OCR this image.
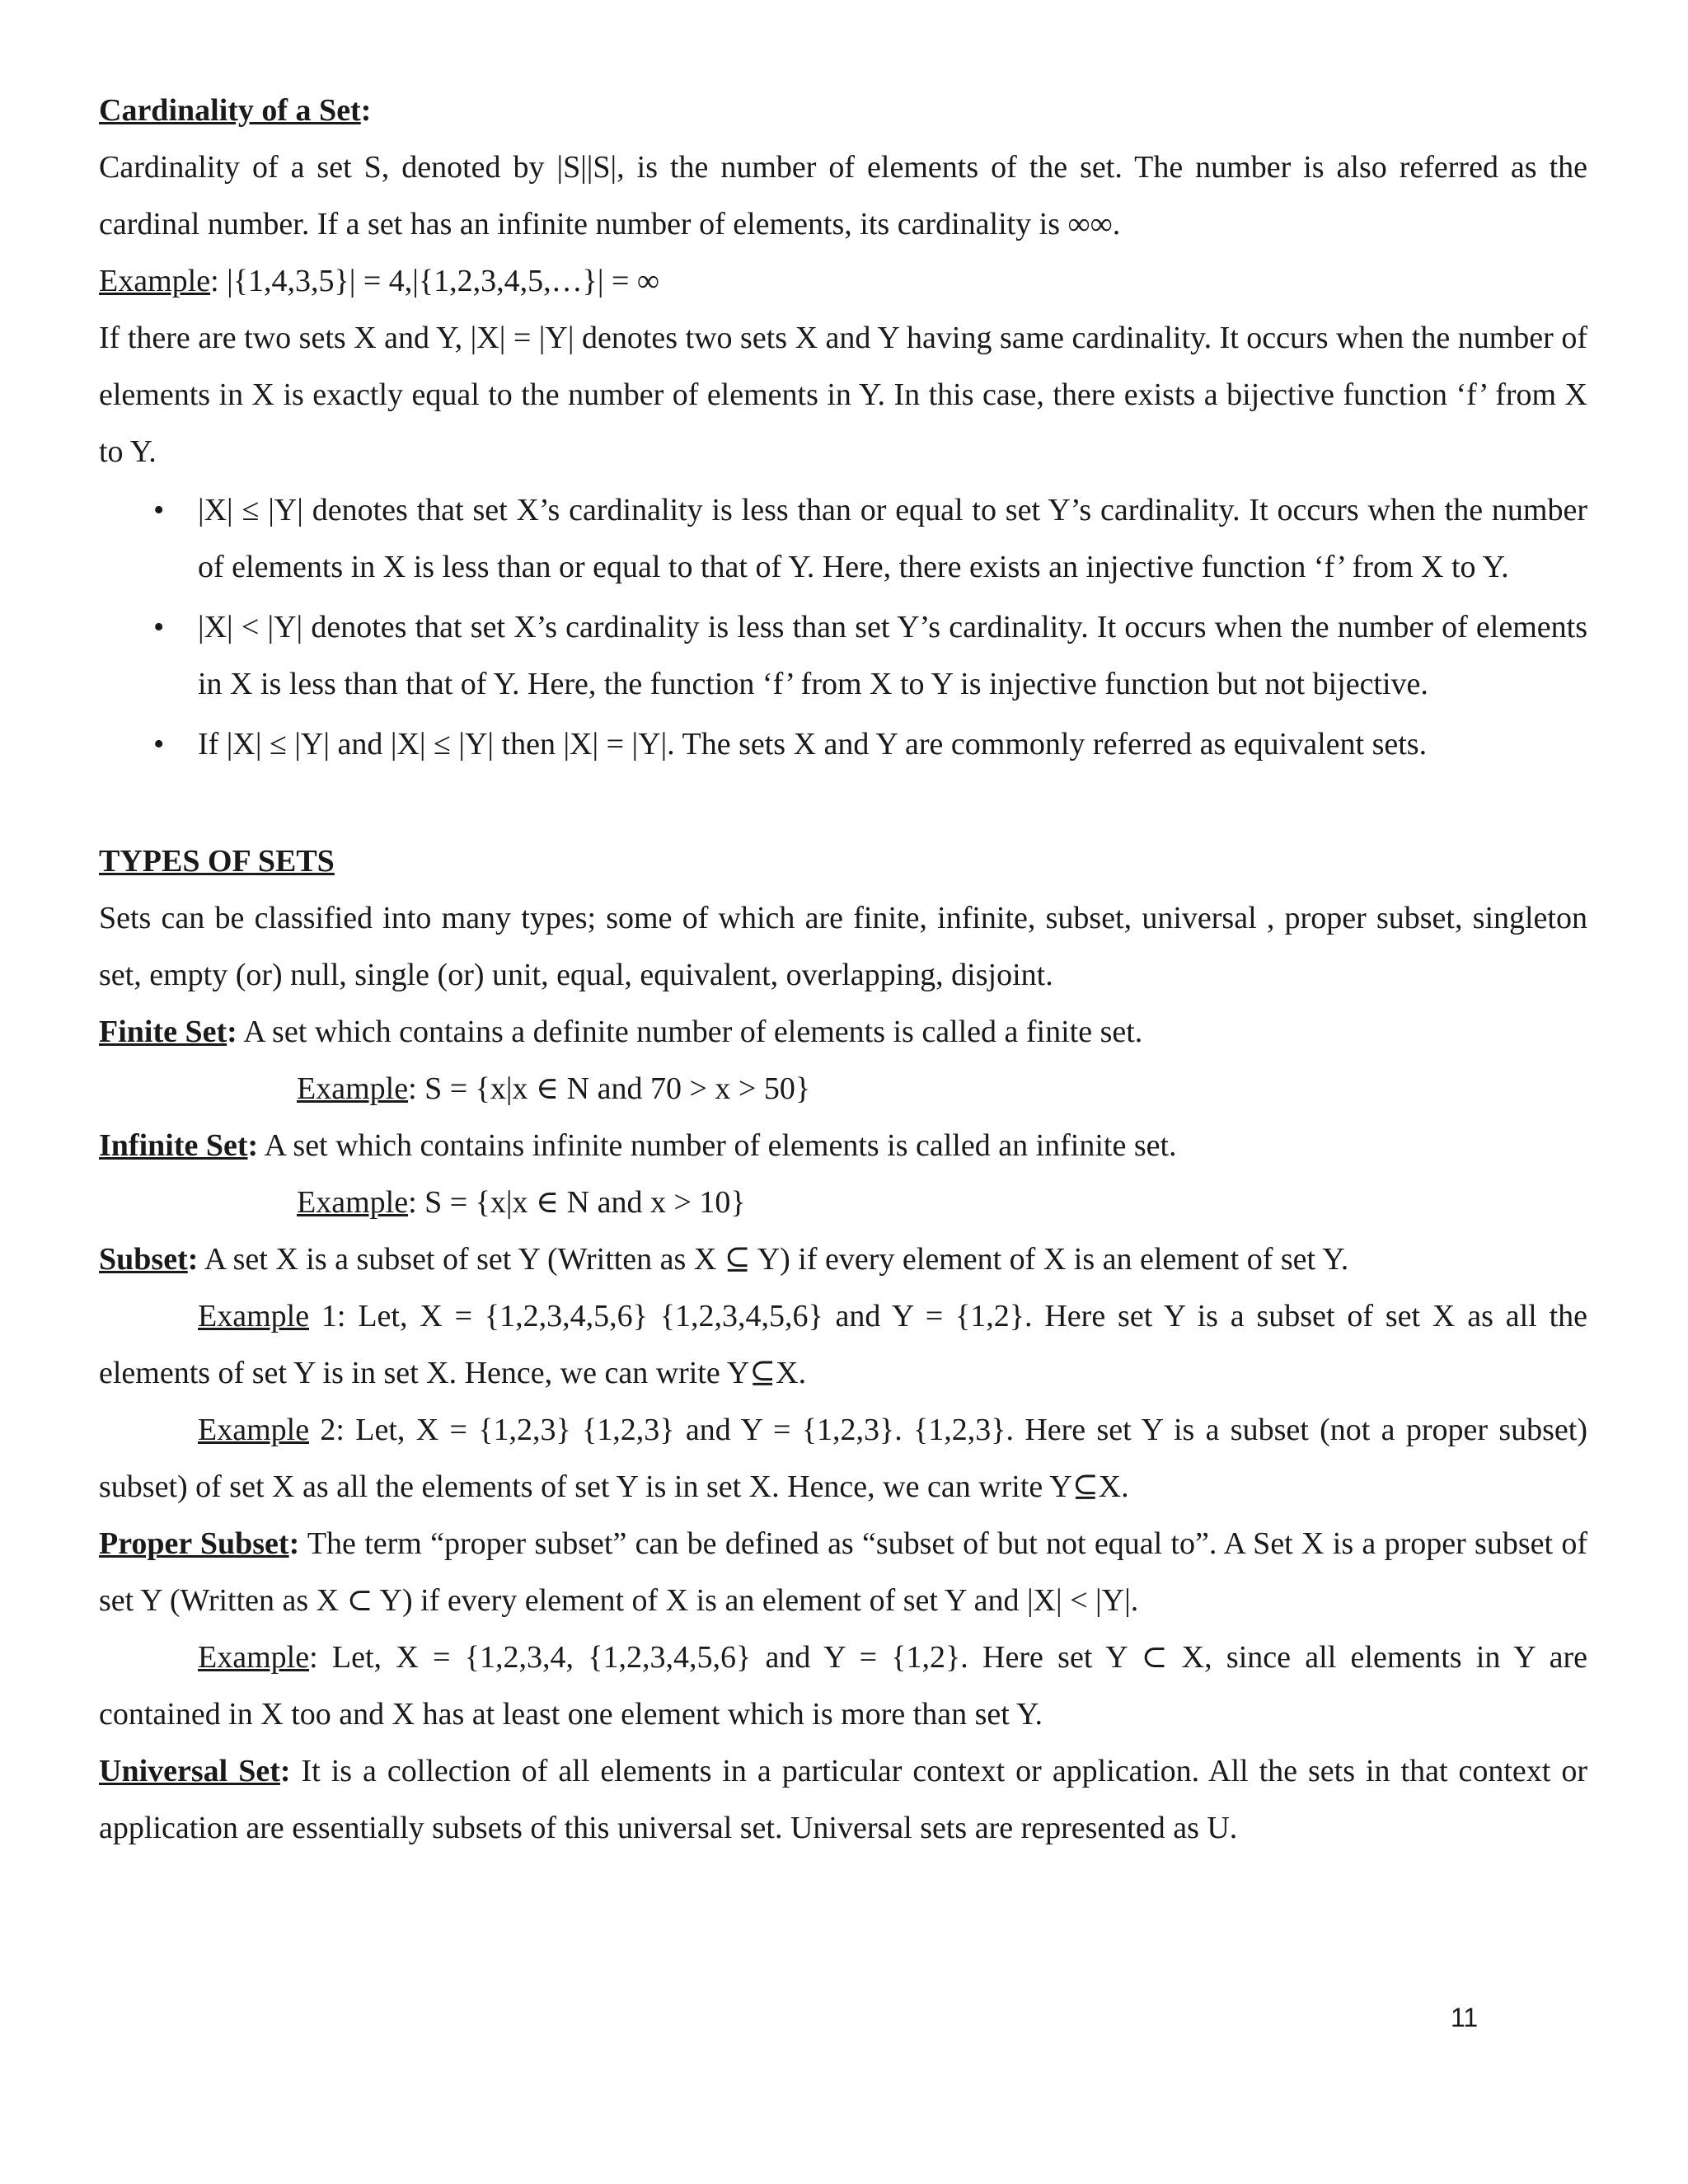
Cardinality of a Set:

Cardinality of a set S, denoted by |S||S|, is the number of elements of the set. The number is also referred as the cardinal number. If a set has an infinite number of elements, its cardinality is ∞∞.

Example: |{1,4,3,5}| = 4,|{1,2,3,4,5,…}| = ∞

If there are two sets X and Y, |X| = |Y| denotes two sets X and Y having same cardinality. It occurs when the number of elements in X is exactly equal to the number of elements in Y. In this case, there exists a bijective function ‘f’ from X to Y.

• |X| ≤ |Y| denotes that set X’s cardinality is less than or equal to set Y’s cardinality. It occurs when the number of elements in X is less than or equal to that of Y. Here, there exists an injective function ‘f’ from X to Y.
• |X| < |Y| denotes that set X’s cardinality is less than set Y’s cardinality. It occurs when the number of elements in X is less than that of Y. Here, the function ‘f’ from X to Y is injective function but not bijective.
• If |X| ≤ |Y| and |X| ≤ |Y| then |X| = |Y|. The sets X and Y are commonly referred as equivalent sets.

TYPES OF SETS

Sets can be classified into many types; some of which are finite, infinite, subset, universal , proper subset, singleton set, empty (or) null, single (or) unit, equal, equivalent, overlapping, disjoint.

Finite Set: A set which contains a definite number of elements is called a finite set.

Example: S = {x|x ∈ N and 70 > x > 50}

Infinite Set: A set which contains infinite number of elements is called an infinite set.

Example: S = {x|x ∈ N and x > 10}

Subset: A set X is a subset of set Y (Written as X ⊆ Y) if every element of X is an element of set Y.

Example 1: Let, X = {1,2,3,4,5,6} {1,2,3,4,5,6} and Y = {1,2}. Here set Y is a subset of set X as all the elements of set Y is in set X. Hence, we can write Y⊆X.

Example 2: Let, X = {1,2,3} {1,2,3} and Y = {1,2,3}. {1,2,3}. Here set Y is a subset (not a proper subset) subset) of set X as all the elements of set Y is in set X. Hence, we can write Y⊆X.

Proper Subset: The term “proper subset” can be defined as “subset of but not equal to”. A Set X is a proper subset of set Y (Written as X ⊂ Y) if every element of X is an element of set Y and |X| < |Y|.

Example: Let, X = {1,2,3,4, {1,2,3,4,5,6} and Y = {1,2}. Here set Y ⊂ X, since all elements in Y are contained in X too and X has at least one element which is more than set Y.

Universal Set: It is a collection of all elements in a particular context or application. All the sets in that context or application are essentially subsets of this universal set. Universal sets are represented as U.

11
